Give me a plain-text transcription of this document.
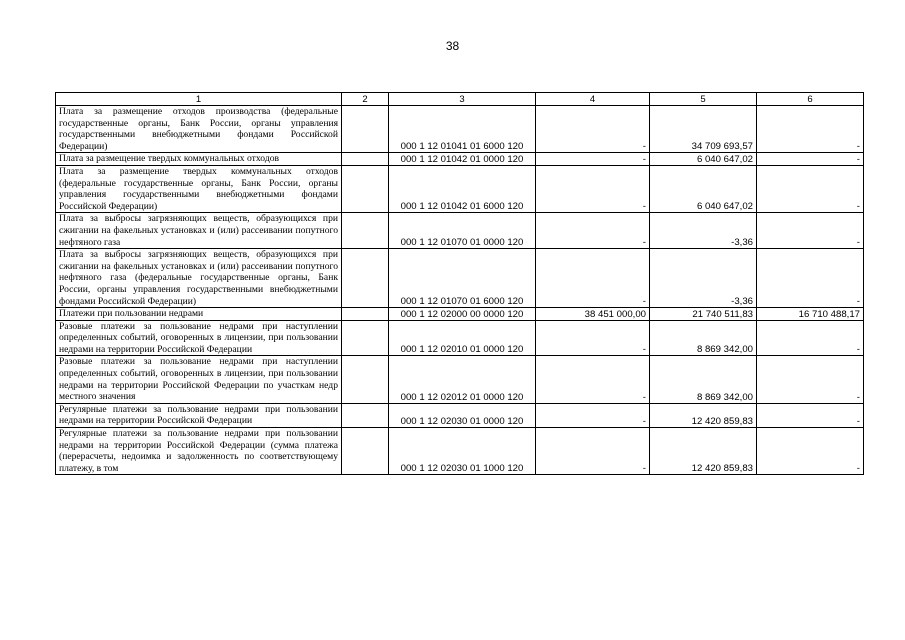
38
1	2	3	4	5	6
Плата за размещение отходов производства (федеральные государственные органы, Банк России, органы управления государственными внебюджетными фондами Российской Федерации)		000 1 12 01041 01 6000 120	-	34 709 693,57	-
Плата за размещение твердых коммунальных отходов		000 1 12 01042 01 0000 120	-	6 040 647,02	-
Плата за размещение твердых коммунальных отходов (федеральные государственные органы, Банк России, органы управления государственными внебюджетными фондами Российской Федерации)		000 1 12 01042 01 6000 120	-	6 040 647,02	-
Плата за выбросы загрязняющих веществ, образующихся при сжигании на факельных установках и (или) рассеивании попутного нефтяного газа		000 1 12 01070 01 0000 120	-	-3,36	-
Плата за выбросы загрязняющих веществ, образующихся при сжигании на факельных установках и (или) рассеивании попутного нефтяного газа (федеральные государственные органы, Банк России, органы управления государственными внебюджетными фондами Российской Федерации)		000 1 12 01070 01 6000 120	-	-3,36	-
Платежи при пользовании недрами		000 1 12 02000 00 0000 120	38 451 000,00	21 740 511,83	16 710 488,17
Разовые платежи за пользование недрами при наступлении определенных событий, оговоренных в лицензии, при пользовании недрами на территории Российской Федерации		000 1 12 02010 01 0000 120	-	8 869 342,00	-
Разовые платежи за пользование недрами при наступлении определенных событий, оговоренных в лицензии, при пользовании недрами на территории Российской Федерации по участкам недр местного значения		000 1 12 02012 01 0000 120	-	8 869 342,00	-
Регулярные платежи за пользование недрами при пользовании недрами на территории Российской Федерации		000 1 12 02030 01 0000 120	-	12 420 859,83	-
Регулярные платежи за пользование недрами при пользовании недрами на территории Российской Федерации (сумма платежа (перерасчеты, недоимка и задолженность по соответствующему платежу, в том		000 1 12 02030 01 1000 120	-	12 420 859,83	-
